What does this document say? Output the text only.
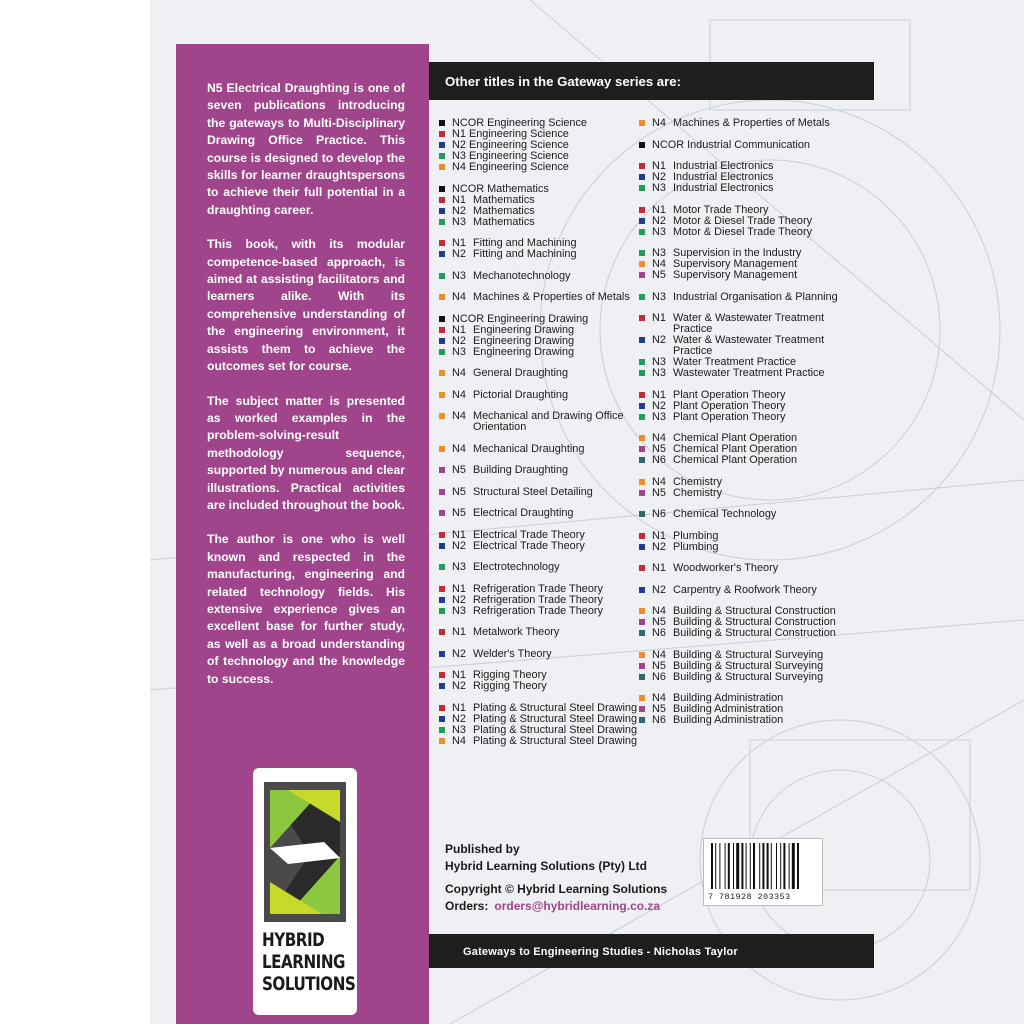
N5 Electrical Draughting is one of seven publications introducing the gateways to Multi-Disciplinary Drawing Office Practice. This course is designed to develop the skills for learner draughtspersons to achieve their full potential in a draughting career.

This book, with its modular competence-based approach, is aimed at assisting facilitators and learners alike. With its comprehensive understanding of the engineering environment, it assists them to achieve the outcomes set for course.

The subject matter is presented as worked examples in the problem-solving-result methodology sequence, supported by numerous and clear illustrations. Practical activities are included throughout the book.

The author is one who is well known and respected in the manufacturing, engineering and related technology fields. His extensive experience gives an excellent base for further study, as well as a broad understanding of technology and the knowledge to success.

HYBRID
LEARNING
SOLUTIONS
Other titles in the Gateway series are:
NCOR Engineering Science
N1 Engineering Science
N2 Engineering Science
N3 Engineering Science
N4 Engineering Science
NCOR Mathematics
N1 Mathematics
N2 Mathematics
N3 Mathematics
N1 Fitting and Machining
N2 Fitting and Machining
N3 Mechanotechnology
N4 Machines & Properties of Metals
NCOR Engineering Drawing
N1 Engineering Drawing
N2 Engineering Drawing
N3 Engineering Drawing
N4 General Draughting
N4 Pictorial Draughting
N4 Mechanical and Drawing Office Orientation
N4 Mechanical Draughting
N5 Building Draughting
N5 Structural Steel Detailing
N5 Electrical Draughting
N1 Electrical Trade Theory
N2 Electrical Trade Theory
N3 Electrotechnology
N1 Refrigeration Trade Theory
N2 Refrigeration Trade Theory
N3 Refrigeration Trade Theory
N1 Metalwork Theory
N2 Welder's Theory
N1 Rigging Theory
N2 Rigging Theory
N1 Plating & Structural Steel Drawing
N2 Plating & Structural Steel Drawing
N3 Plating & Structural Steel Drawing
N4 Plating & Structural Steel Drawing
N4 Machines & Properties of Metals
NCOR Industrial Communication
N1 Industrial Electronics
N2 Industrial Electronics
N3 Industrial Electronics
N1 Motor Trade Theory
N2 Motor & Diesel Trade Theory
N3 Motor & Diesel Trade Theory
N3 Supervision in the Industry
N4 Supervisory Management
N5 Supervisory Management
N3 Industrial Organisation & Planning
N1 Water & Wastewater Treatment Practice
N2 Water & Wastewater Treatment Practice
N3 Water Treatment Practice
N3 Wastewater Treatment Practice
N1 Plant Operation Theory
N2 Plant Operation Theory
N3 Plant Operation Theory
N4 Chemical Plant Operation
N5 Chemical Plant Operation
N6 Chemical Plant Operation
N4 Chemistry
N5 Chemistry
N6 Chemical Technology
N1 Plumbing
N2 Plumbing
N1 Woodworker's Theory
N2 Carpentry & Roofwork Theory
N4 Building & Structural Construction
N5 Building & Structural Construction
N6 Building & Structural Construction
N4 Building & Structural Surveying
N5 Building & Structural Surveying
N6 Building & Structural Surveying
N4 Building Administration
N5 Building Administration
N6 Building Administration
Published by
Hybrid Learning Solutions (Pty) Ltd
Copyright © Hybrid Learning Solutions
Orders: orders@hybridlearning.co.za
7 781928 203353
Gateways to Engineering Studies - Nicholas Taylor
